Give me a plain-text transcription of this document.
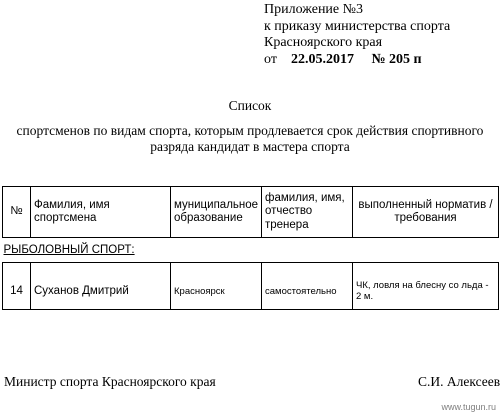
Приложение №3
к приказу министерства спорта
Красноярского края
от 22.05.2017 № 205 п
Список
спортсменов по видам спорта, которым продлевается срок действия спортивного
разряда кандидат в мастера спорта
№	Фамилия, имя спортсмена	муниципальное образование	фамилия, имя, отчество тренера	выполненный норматив /требования
РЫБОЛОВНЫЙ СПОРТ:				

14	Суханов Дмитрий	Красноярск	самостоятельно	ЧК, ловля на блесну со льда - 2 м.
Министр спорта Красноярского края	С.И. Алексеев
www.tugun.ru
